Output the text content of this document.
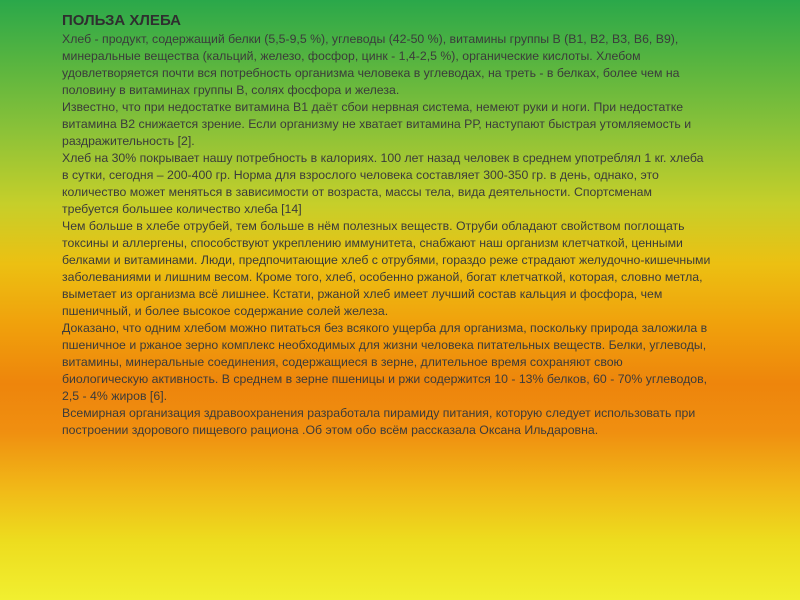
ПОЛЬЗА ХЛЕБА

Хлеб - продукт, содержащий белки (5,5-9,5 %), углеводы (42-50 %), витамины группы B (В1, В2, В3, В6, В9), минеральные вещества (кальций, железо, фосфор, цинк - 1,4-2,5 %), органические кислоты. Хлебом удовлетворяется почти вся потребность организма человека в углеводах, на треть - в белках, более чем на половину в витаминах группы В, солях фосфора и железа.

Известно, что при недостатке витамина В1 даёт сбои нервная система, немеют руки и ноги. При недостатке витамина В2 снижается зрение. Если организму не хватает витамина РР, наступают быстрая утомляемость и раздражительность [2].

Хлеб на 30% покрывает нашу потребность в калориях. 100 лет назад человек в среднем употреблял 1 кг. хлеба в сутки, сегодня – 200-400 гр. Норма для взрослого человека составляет 300-350 гр. в день, однако, это количество может меняться в зависимости от возраста, массы тела, вида деятельности. Спортсменам требуется большее количество хлеба [14]

Чем больше в хлебе отрубей, тем больше в нём полезных веществ. Отруби обладают свойством поглощать токсины и аллергены, способствуют укреплению иммунитета, снабжают наш организм клетчаткой, ценными белками и витаминами. Люди, предпочитающие хлеб с отрубями, гораздо реже страдают желудочно-кишечными заболеваниями и лишним весом. Кроме того, хлеб, особенно ржаной, богат клетчаткой, которая, словно метла, выметает из организма всё лишнее. Кстати, ржаной хлеб имеет лучший состав кальция и фосфора, чем пшеничный, и более высокое содержание солей железа.

Доказано, что одним хлебом можно питаться без всякого ущерба для организма, поскольку природа заложила в пшеничное и ржаное зерно комплекс необходимых для жизни человека питательных веществ. Белки, углеводы, витамины, минеральные соединения, содержащиеся в зерне, длительное время сохраняют свою биологическую активность. В среднем в зерне пшеницы и ржи содержится 10 - 13% белков, 60 - 70% углеводов, 2,5 - 4% жиров [6].

Всемирная организация здравоохранения разработала пирамиду питания, которую следует использовать при построении здорового пищевого рациона .Об этом обо всём рассказала Оксана Ильдаровна.
